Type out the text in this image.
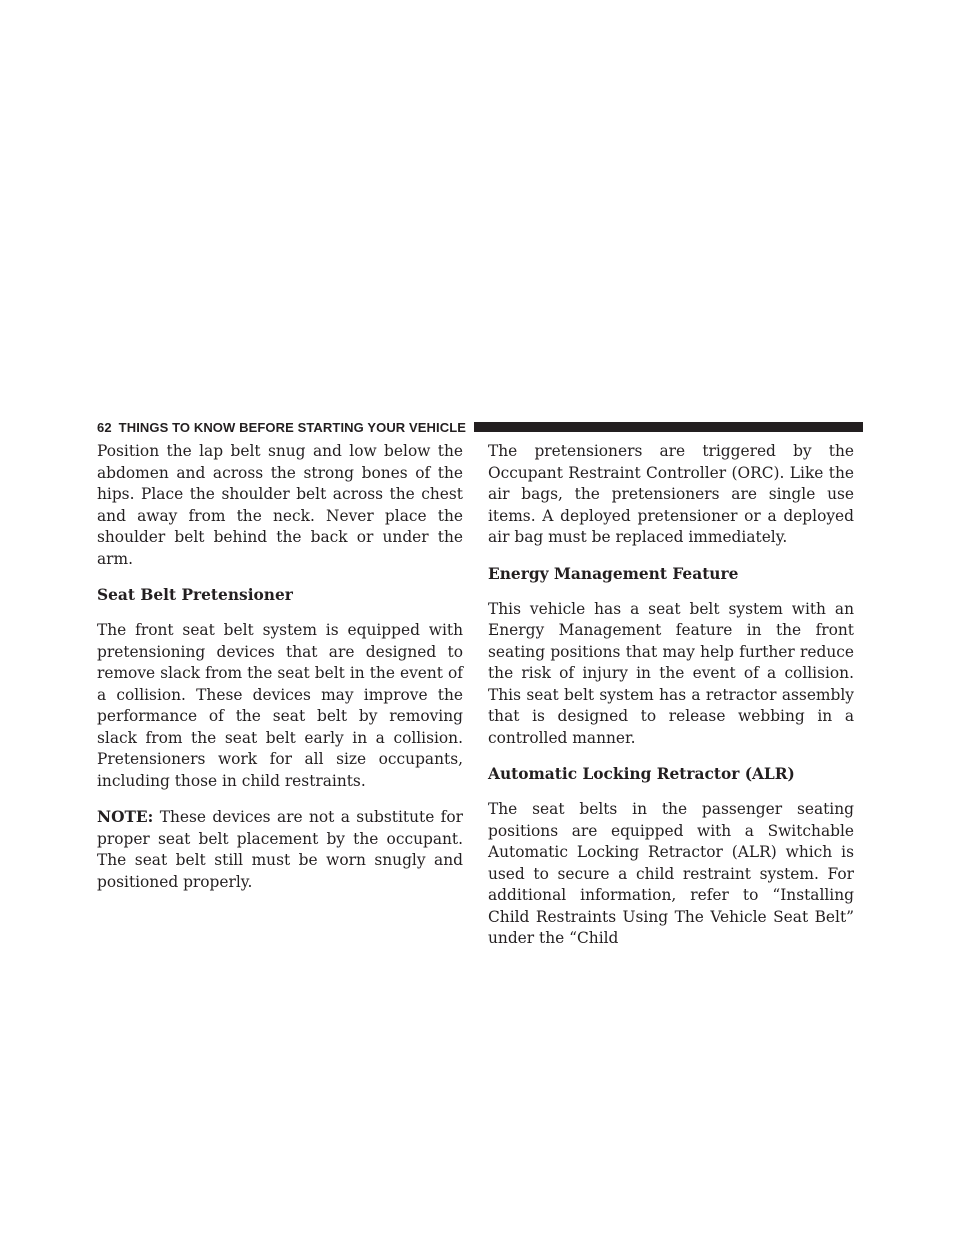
62 THINGS TO KNOW BEFORE STARTING YOUR VEHICLE

Position the lap belt snug and low below the abdomen and across the strong bones of the hips. Place the shoulder belt across the chest and away from the neck. Never place the shoulder belt behind the back or under the arm.

Seat Belt Pretensioner

The front seat belt system is equipped with pretensioning devices that are designed to remove slack from the seat belt in the event of a collision. These devices may improve the performance of the seat belt by removing slack from the seat belt early in a collision. Pretensioners work for all size occupants, including those in child restraints.

NOTE: These devices are not a substitute for proper seat belt placement by the occupant. The seat belt still must be worn snugly and positioned properly.

The pretensioners are triggered by the Occupant Restraint Controller (ORC). Like the air bags, the pretensioners are single use items. A deployed pretensioner or a deployed air bag must be replaced immediately.

Energy Management Feature

This vehicle has a seat belt system with an Energy Management feature in the front seating positions that may help further reduce the risk of injury in the event of a collision. This seat belt system has a retractor assembly that is designed to release webbing in a controlled manner.

Automatic Locking Retractor (ALR)

The seat belts in the passenger seating positions are equipped with a Switchable Automatic Locking Retractor (ALR) which is used to secure a child restraint system. For additional information, refer to “Installing Child Restraints Using The Vehicle Seat Belt” under the “Child
